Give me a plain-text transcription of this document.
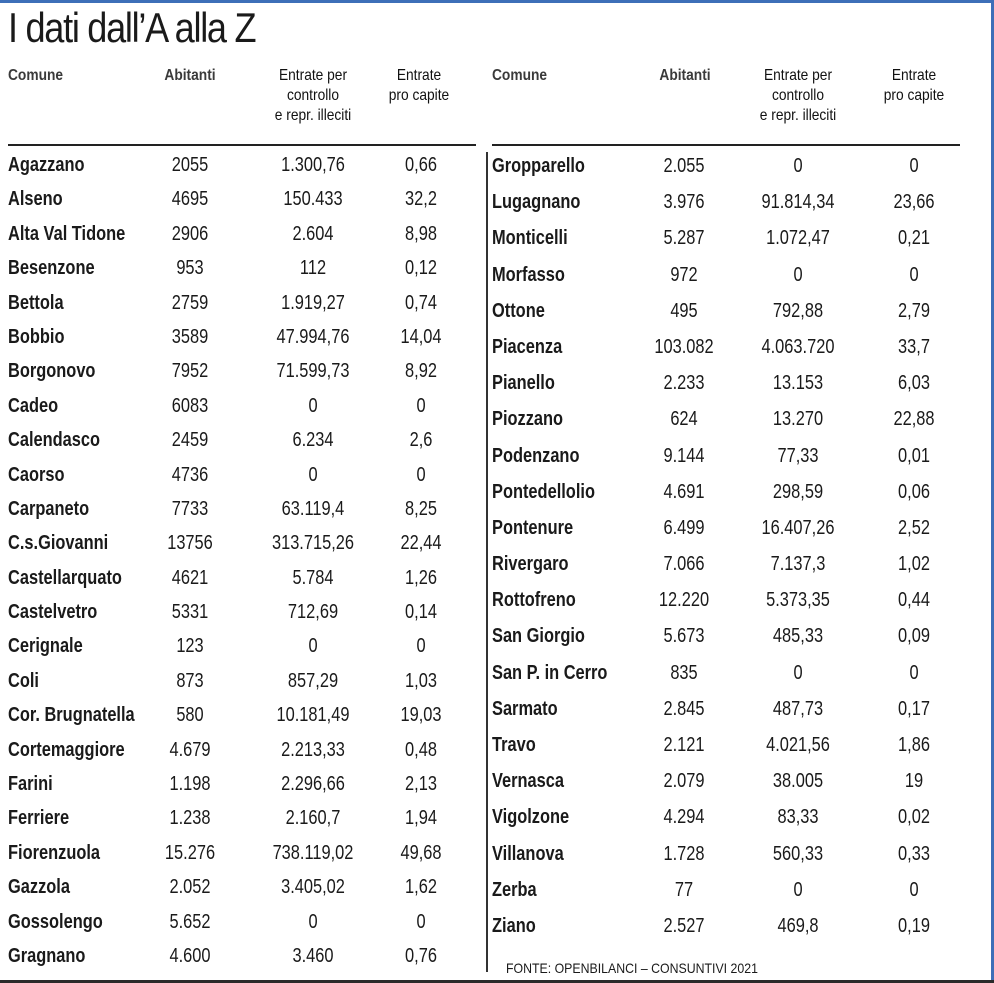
I dati dall’A alla Z
Comune	Abitanti	Entrate per
controllo
e repr. illeciti
Entrate
pro capite
Agazzano	2055	1.300,76	0,66
Alseno	4695	150.433	32,2
Alta Val Tidone	2906	2.604	8,98
Besenzone	953	112	0,12
Bettola	2759	1.919,27	0,74
Bobbio	3589	47.994,76	14,04
Borgonovo	7952	71.599,73	8,92
Cadeo	6083	0	0
Calendasco	2459	6.234	2,6
Caorso	4736	0	0
Carpaneto	7733	63.119,4	8,25
C.s.Giovanni	13756	313.715,26	22,44
Castellarquato	4621	5.784	1,26
Castelvetro	5331	712,69	0,14
Cerignale	123	0	0
Coli	873	857,29	1,03
Cor. Brugnatella	580	10.181,49	19,03
Cortemaggiore	4.679	2.213,33	0,48
Farini	1.198	2.296,66	2,13
Ferriere	1.238	2.160,7	1,94
Fiorenzuola	15.276	738.119,02	49,68
Gazzola	2.052	3.405,02	1,62
Gossolengo	5.652	0	0
Gragnano	4.600	3.460	0,76
Comune	Abitanti	Entrate per
controllo
e repr. illeciti
Entrate
pro capite
Gropparello	2.055	0	0
Lugagnano	3.976	91.814,34	23,66
Monticelli	5.287	1.072,47	0,21
Morfasso	972	0	0
Ottone	495	792,88	2,79
Piacenza	103.082	4.063.720	33,7
Pianello	2.233	13.153	6,03
Piozzano	624	13.270	22,88
Podenzano	9.144	77,33	0,01
Pontedellolio	4.691	298,59	0,06
Pontenure	6.499	16.407,26	2,52
Rivergaro	7.066	7.137,3	1,02
Rottofreno	12.220	5.373,35	0,44
San Giorgio	5.673	485,33	0,09
San P. in Cerro	835	0	0
Sarmato	2.845	487,73	0,17
Travo	2.121	4.021,56	1,86
Vernasca	2.079	38.005	19
Vigolzone	4.294	83,33	0,02
Villanova	1.728	560,33	0,33
Zerba	77	0	0
Ziano	2.527	469,8	0,19
FONTE: OPENBILANCI – CONSUNTIVI 2021
